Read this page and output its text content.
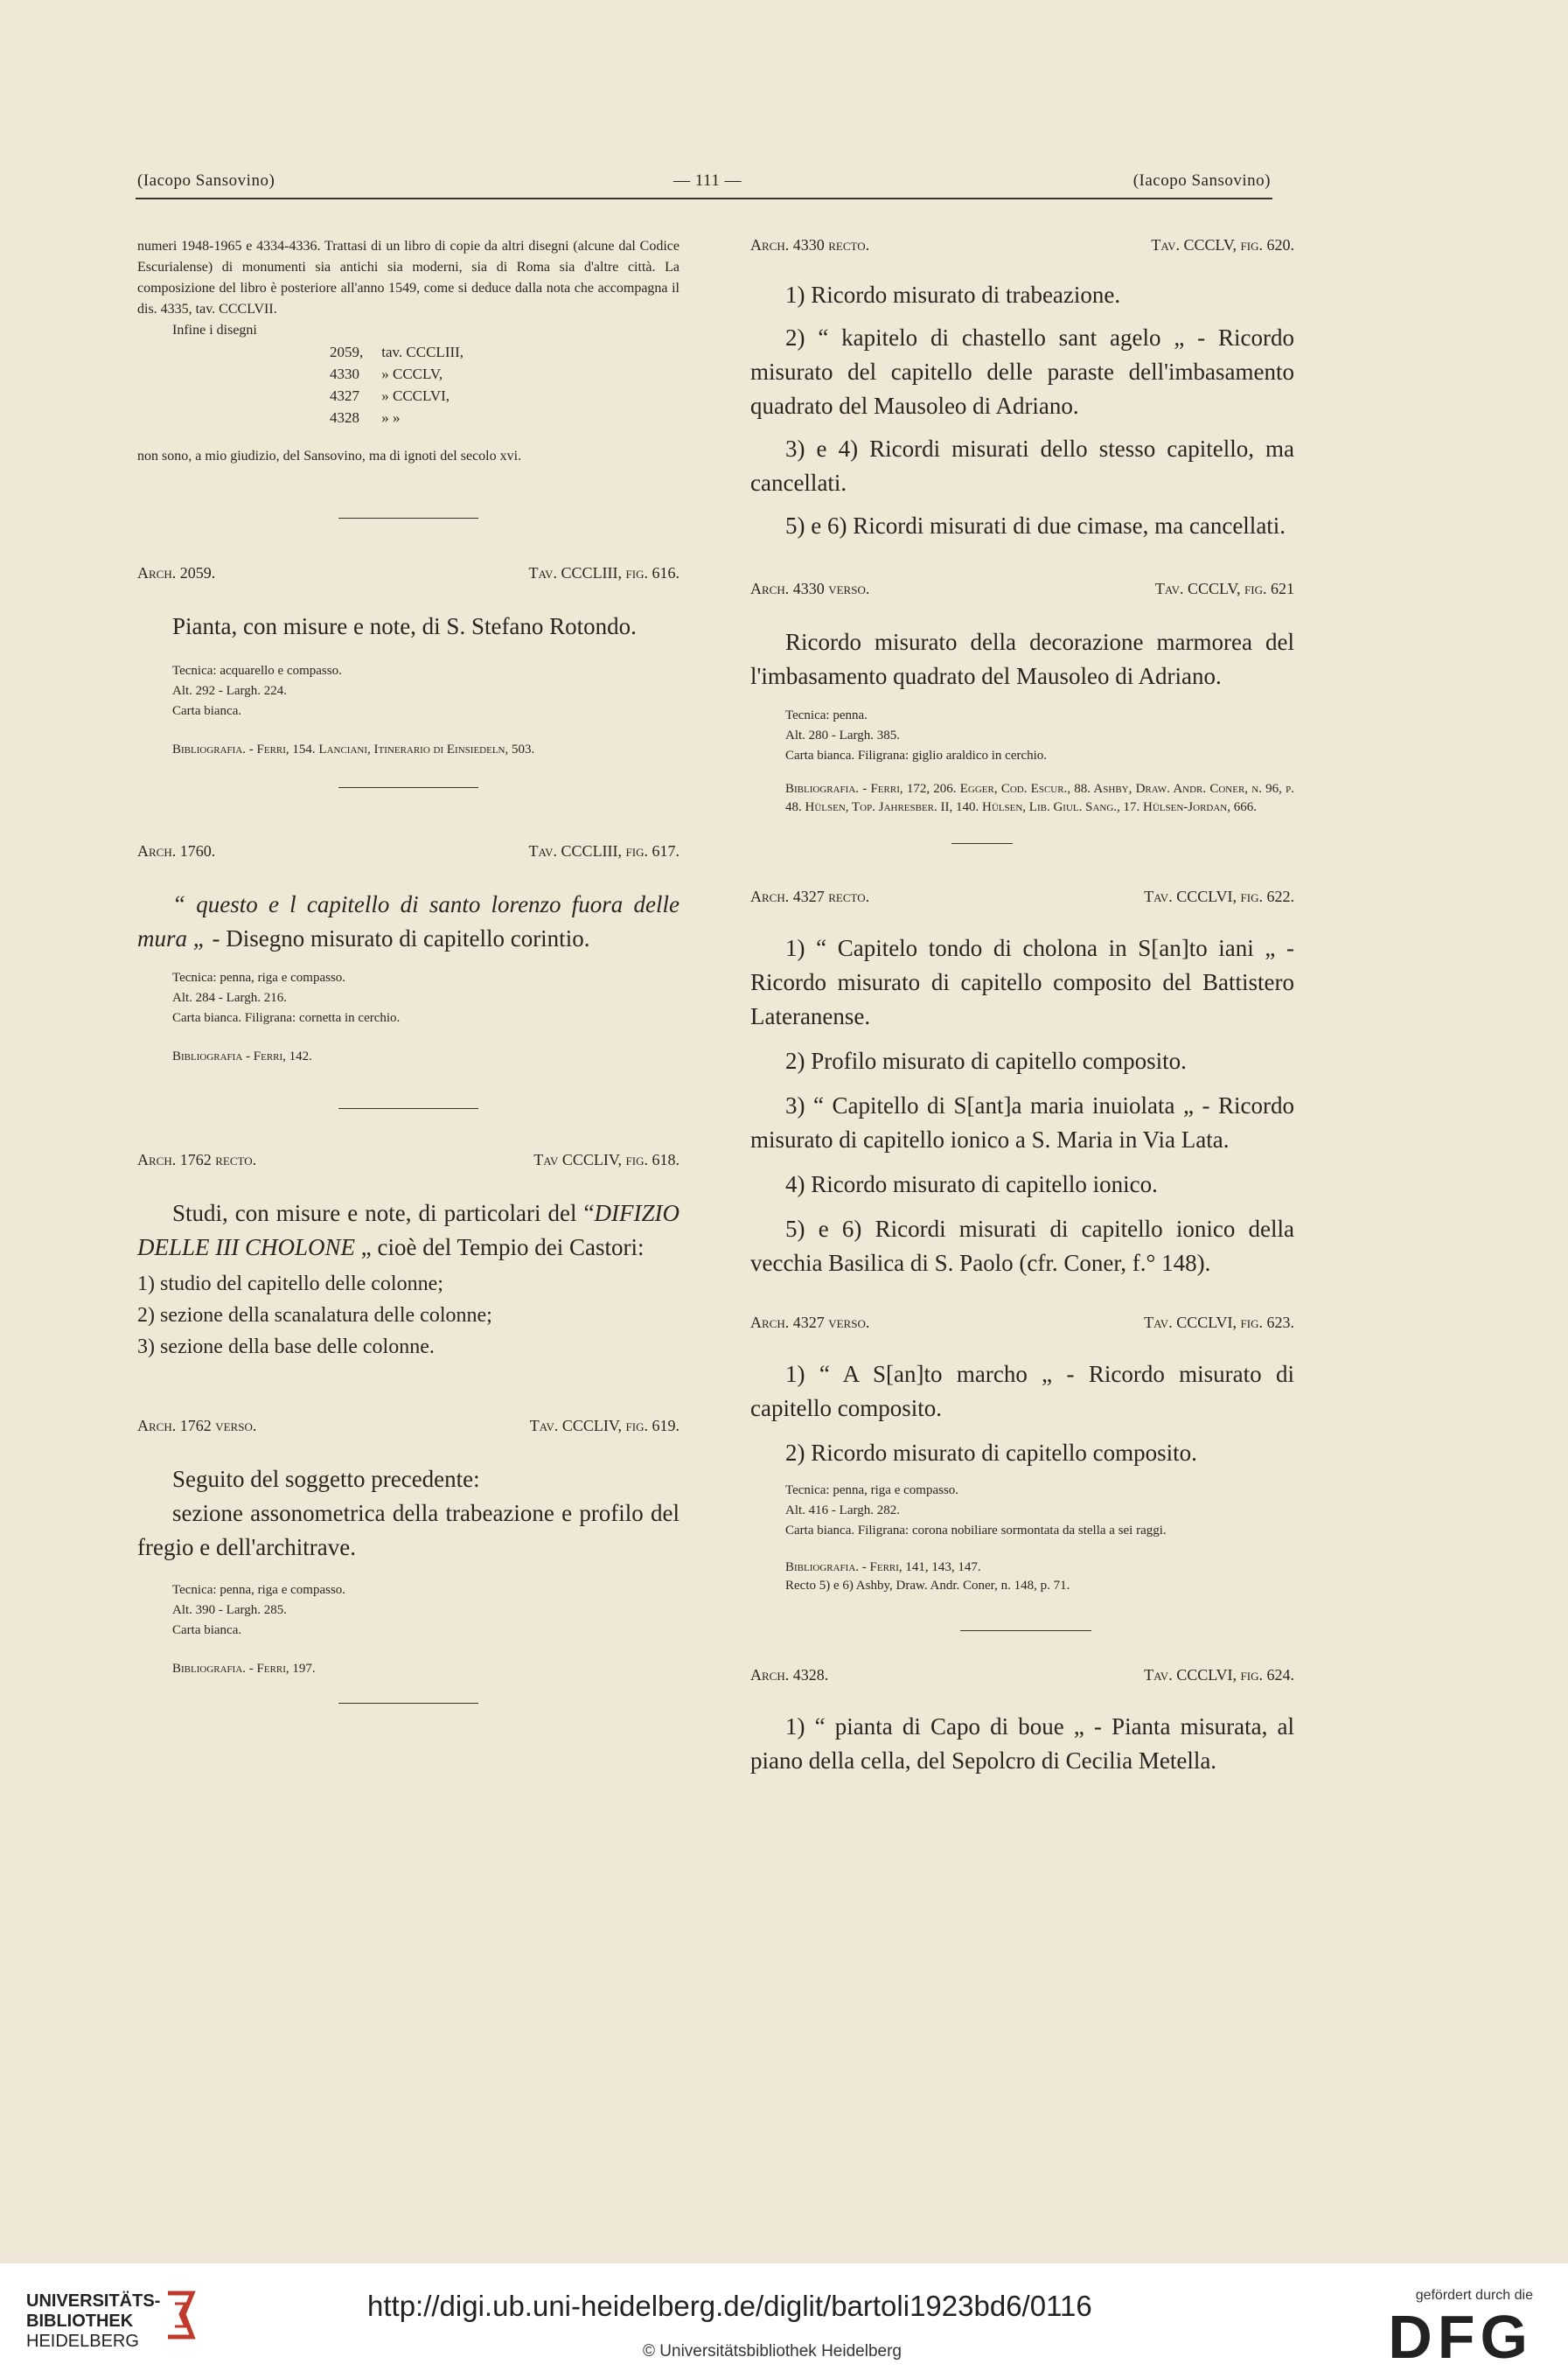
(Iacopo Sansovino)	— 111 —	(Iacopo Sansovino)

numeri 1948-1965 e 4334-4336. Trattasi di un libro di copie da altri disegni (alcune dal Codice Escurialense) di monumenti sia antichi sia moderni, sia di Roma sia d'altre città. La composizione del libro è posteriore all'anno 1549, come si deduce dalla nota che accompagna il dis. 4335, tav. CCCLVII.

Infine i disegni

2059, tav. CCCLIII,
4330 » CCCLV,
4327 » CCCLVI,
4328 » »

non sono, a mio giudizio, del Sansovino, ma di ignoti del secolo xvi.

Arch. 2059.	Tav. CCCLIII, fig. 616.

Pianta, con misure e note, di S. Stefano Rotondo.

Tecnica: acquarello e compasso.
Alt. 292 - Largh. 224.
Carta bianca.

Bibliografia. - Ferri, 154. Lanciani, Itinerario di Einsiedeln, 503.

Arch. 1760.	Tav. CCCLIII, fig. 617.

“ questo e l capitello di santo lorenzo fuora delle mura „ - Disegno misurato di capitello corintio.

Tecnica: penna, riga e compasso.
Alt. 284 - Largh. 216.
Carta bianca. Filigrana: cornetta in cerchio.

Bibliografia - Ferri, 142.

Arch. 1762 recto.	Tav CCCLIV, fig. 618.

Studi, con misure e note, di particolari del “DIFIZIO DELLE III CHOLONE „ cioè del Tempio dei Castori:

1) studio del capitello delle colonne;
2) sezione della scanalatura delle colonne;
3) sezione della base delle colonne.
Arch. 1762 verso.	Tav. CCCLIV, fig. 619.

Seguito del soggetto precedente:

sezione assonometrica della trabeazione e profilo del fregio e dell'architrave.

Tecnica: penna, riga e compasso.
Alt. 390 - Largh. 285.
Carta bianca.

Bibliografia. - Ferri, 197.

Arch. 4330 recto.	Tav. CCCLV, fig. 620.

1) Ricordo misurato di trabeazione.

2) “ kapitelo di chastello sant agelo „ - Ricordo misurato del capitello delle paraste dell'imbasamento quadrato del Mausoleo di Adriano.

3) e 4) Ricordi misurati dello stesso capitello, ma cancellati.

5) e 6) Ricordi misurati di due cimase, ma cancellati.

Arch. 4330 verso.	Tav. CCCLV, fig. 621

Ricordo misurato della decorazione marmorea del l'imbasamento quadrato del Mausoleo di Adriano.

Tecnica: penna.
Alt. 280 - Largh. 385.
Carta bianca. Filigrana: giglio araldico in cerchio.

Bibliografia. - Ferri, 172, 206. Egger, Cod. Escur., 88. Ashby, Draw. Andr. Coner, n. 96, p. 48. Hülsen, Top. Jahresber. II, 140. Hülsen, Lib. Giul. Sang., 17. Hülsen-Jordan, 666.

Arch. 4327 recto.	Tav. CCCLVI, fig. 622.

1) “ Capitelo tondo di cholona in S[an]to iani „ - Ricordo misurato di capitello composito del Battistero Lateranense.

2) Profilo misurato di capitello composito.

3) “ Capitello di S[ant]a maria inuiolata „ - Ricordo misurato di capitello ionico a S. Maria in Via Lata.

4) Ricordo misurato di capitello ionico.

5) e 6) Ricordi misurati di capitello ionico della vecchia Basilica di S. Paolo (cfr. Coner, f.° 148).

Arch. 4327 verso.	Tav. CCCLVI, fig. 623.

1) “ A S[an]to marcho „ - Ricordo misurato di capitello composito.

2) Ricordo misurato di capitello composito.

Tecnica: penna, riga e compasso.
Alt. 416 - Largh. 282.
Carta bianca. Filigrana: corona nobiliare sormontata da stella a sei raggi.

Bibliografia. - Ferri, 141, 143, 147.

Recto 5) e 6) Ashby, Draw. Andr. Coner, n. 148, p. 71.

Arch. 4328.	Tav. CCCLVI, fig. 624.

1) “ pianta di Capo di boue „ - Pianta misurata, al piano della cella, del Sepolcro di Cecilia Metella.

UNIVERSITÄTS-
BIBLIOTHEK
HEIDELBERG
http://digi.ub.uni-heidelberg.de/diglit/bartoli1923bd6/0116
© Universitätsbibliothek Heidelberg
gefördert durch die
DFG
